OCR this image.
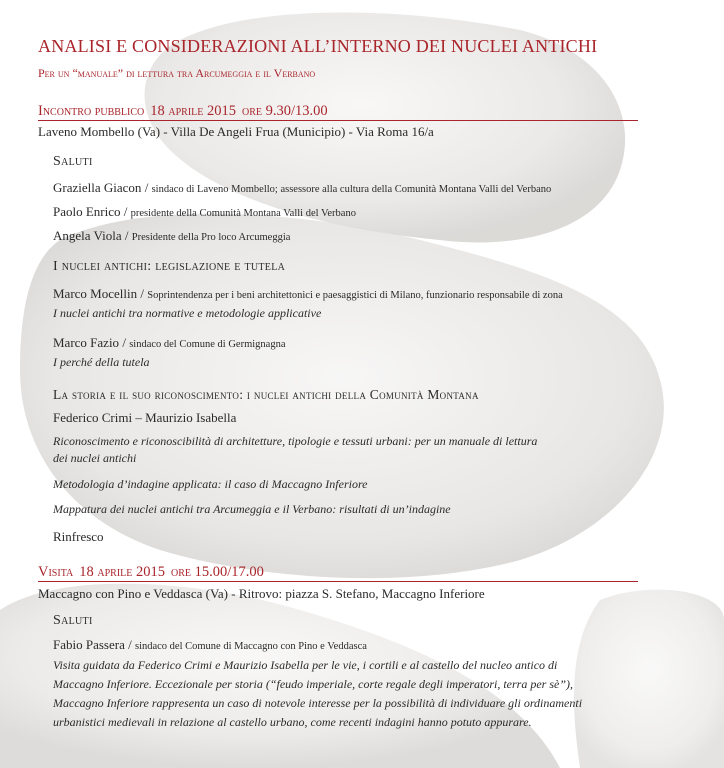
ANALISI E CONSIDERAZIONI ALL’INTERNO DEI NUCLEI ANTICHI
Per un “manuale” di lettura tra Arcumeggia e il Verbano
Incontro pubblico 18 aprile 2015 ore 9.30/13.00
Laveno Mombello (Va) - Villa De Angeli Frua (Municipio) - Via Roma 16/a
Saluti
Graziella Giacon / sindaco di Laveno Mombello; assessore alla cultura della Comunità Montana Valli del Verbano
Paolo Enrico / presidente della Comunità Montana Valli del Verbano
Angela Viola / Presidente della Pro loco Arcumeggia
I nuclei antichi: legislazione e tutela
Marco Mocellin / Soprintendenza per i beni architettonici e paesaggistici di Milano, funzionario responsabile di zona
I nuclei antichi tra normative e metodologie applicative
Marco Fazio / sindaco del Comune di Germignagna
I perché della tutela
La storia e il suo riconoscimento: i nuclei antichi della Comunità Montana
Federico Crimi – Maurizio Isabella
Riconoscimento e riconoscibilità di architetture, tipologie e tessuti urbani: per un manuale di lettura
dei nuclei antichi
Metodologia d’indagine applicata: il caso di Maccagno Inferiore
Mappatura dei nuclei antichi tra Arcumeggia e il Verbano: risultati di un’indagine
Rinfresco
Visita 18 aprile 2015 ore 15.00/17.00
Maccagno con Pino e Veddasca (Va) - Ritrovo: piazza S. Stefano, Maccagno Inferiore
Saluti
Fabio Passera / sindaco del Comune di Maccagno con Pino e Veddasca
Visita guidata da Federico Crimi e Maurizio Isabella per le vie, i cortili e al castello del nucleo antico di
Maccagno Inferiore. Eccezionale per storia (“feudo imperiale, corte regale degli imperatori, terra per sè”),
Maccagno Inferiore rappresenta un caso di notevole interesse per la possibilità di individuare gli ordinamenti
urbanistici medievali in relazione al castello urbano, come recenti indagini hanno potuto appurare.
